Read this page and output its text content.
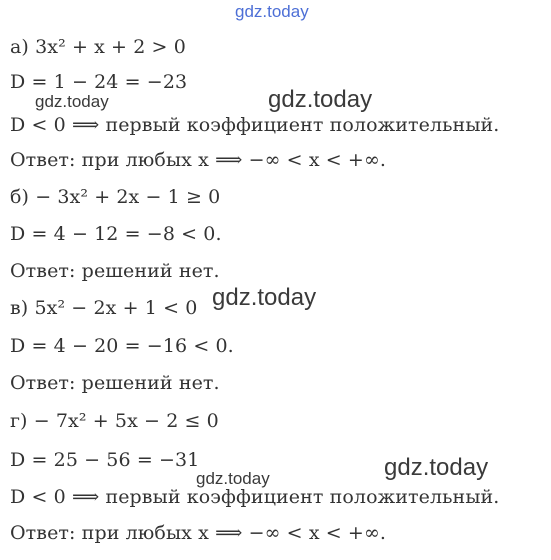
а) 3x² + x + 2 > 0
D = 1 − 24 = −23
D < 0 ⟹ первый коэффициент положительный.
Ответ: при любых x ⟹ −∞ < x < +∞.
б) − 3x² + 2x − 1 ≥ 0
D = 4 − 12 = −8 < 0.
Ответ: решений нет.
в) 5x² − 2x + 1 < 0
D = 4 − 20 = −16 < 0.
Ответ: решений нет.
г) − 7x² + 5x − 2 ≤ 0
D = 25 − 56 = −31
D < 0 ⟹ первый коэффициент положительный.
Ответ: при любых x ⟹ −∞ < x < +∞.
gdz.today
gdz.today	gdz.today
gdz.today
gdz.today
gdz.today
